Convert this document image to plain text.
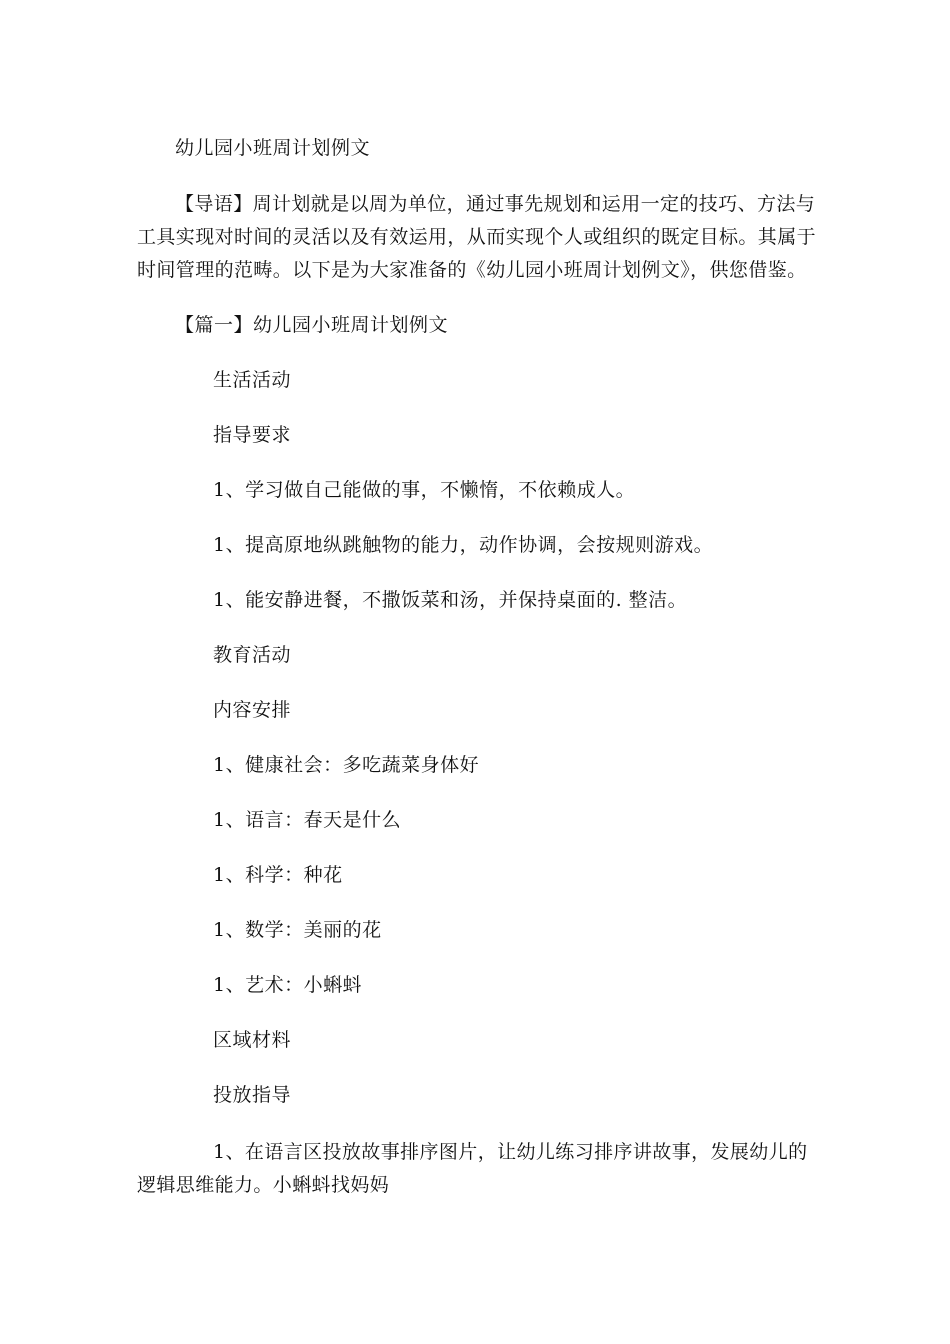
幼儿园小班周计划例文
【导语】周计划就是以周为单位，通过事先规划和运用一定的技巧、方法与工具实现对时间的灵活以及有效运用，从而实现个人或组织的既定目标。其属于时间管理的范畴。以下是为大家准备的《幼儿园小班周计划例文》，供您借鉴。
【篇一】幼儿园小班周计划例文
生活活动
指导要求
1、学习做自己能做的事，不懒惰，不依赖成人。
1、提高原地纵跳触物的能力，动作协调，会按规则游戏。
1、能安静进餐，不撒饭菜和汤，并保持桌面的. 整洁。
教育活动
内容安排
1、健康社会：多吃蔬菜身体好
1、语言：春天是什么
1、科学：种花
1、数学：美丽的花
1、艺术：小蝌蚪
区域材料
投放指导
1、在语言区投放故事排序图片，让幼儿练习排序讲故事，发展幼儿的逻辑思维能力。小蝌蚪找妈妈
